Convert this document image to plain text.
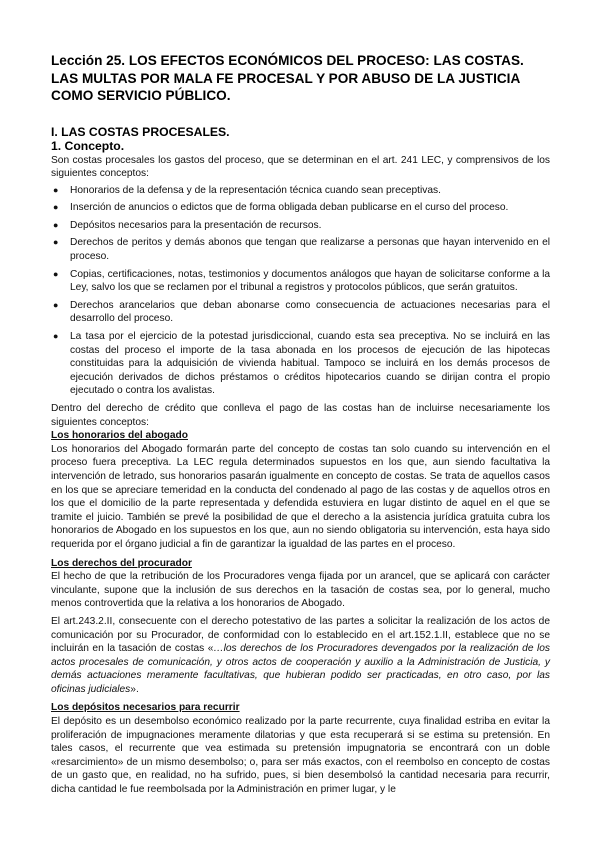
Lección 25. LOS EFECTOS ECONÓMICOS DEL PROCESO: LAS COSTAS. LAS MULTAS POR MALA FE PROCESAL Y POR ABUSO DE LA JUSTICIA COMO SERVICIO PÚBLICO.
I. LAS COSTAS PROCESALES.
1. Concepto.

Son costas procesales los gastos del proceso, que se determinan en el art. 241 LEC, y comprensivos de los siguientes conceptos:

● Honorarios de la defensa y de la representación técnica cuando sean preceptivas.
● Inserción de anuncios o edictos que de forma obligada deban publicarse en el curso del proceso.
● Depósitos necesarios para la presentación de recursos.
● Derechos de peritos y demás abonos que tengan que realizarse a personas que hayan intervenido en el proceso.
● Copias, certificaciones, notas, testimonios y documentos análogos que hayan de solicitarse conforme a la Ley, salvo los que se reclamen por el tribunal a registros y protocolos públicos, que serán gratuitos.
● Derechos arancelarios que deban abonarse como consecuencia de actuaciones necesarias para el desarrollo del proceso.
● La tasa por el ejercicio de la potestad jurisdiccional, cuando esta sea preceptiva. No se incluirá en las costas del proceso el importe de la tasa abonada en los procesos de ejecución de las hipotecas constituidas para la adquisición de vivienda habitual. Tampoco se incluirá en los demás procesos de ejecución derivados de dichos préstamos o créditos hipotecarios cuando se dirijan contra el propio ejecutado o contra los avalistas.

Dentro del derecho de crédito que conlleva el pago de las costas han de incluirse necesariamente los siguientes conceptos:

Los honorarios del abogado

Los honorarios del Abogado formarán parte del concepto de costas tan solo cuando su intervención en el proceso fuera preceptiva. La LEC regula determinados supuestos en los que, aun siendo facultativa la intervención de letrado, sus honorarios pasarán igualmente en concepto de costas. Se trata de aquellos casos en los que se apreciare temeridad en la conducta del condenado al pago de las costas y de aquellos otros en los que el domicilio de la parte representada y defendida estuviera en lugar distinto de aquel en el que se tramite el juicio. También se prevé la posibilidad de que el derecho a la asistencia jurídica gratuita cubra los honorarios de Abogado en los supuestos en los que, aun no siendo obligatoria su intervención, esta haya sido requerida por el órgano judicial a fin de garantizar la igualdad de las partes en el proceso.

Los derechos del procurador

El hecho de que la retribución de los Procuradores venga fijada por un arancel, que se aplicará con carácter vinculante, supone que la inclusión de sus derechos en la tasación de costas sea, por lo general, mucho menos controvertida que la relativa a los honorarios de Abogado.

El art.243.2.II, consecuente con el derecho potestativo de las partes a solicitar la realización de los actos de comunicación por su Procurador, de conformidad con lo establecido en el art.152.1.II, establece que no se incluirán en la tasación de costas «…los derechos de los Procuradores devengados por la realización de los actos procesales de comunicación, y otros actos de cooperación y auxilio a la Administración de Justicia, y demás actuaciones meramente facultativas, que hubieran podido ser practicadas, en otro caso, por las oficinas judiciales».

Los depósitos necesarios para recurrir

El depósito es un desembolso económico realizado por la parte recurrente, cuya finalidad estriba en evitar la proliferación de impugnaciones meramente dilatorias y que esta recuperará si se estima su pretensión. En tales casos, el recurrente que vea estimada su pretensión impugnatoria se encontrará con un doble «resarcimiento» de un mismo desembolso; o, para ser más exactos, con el reembolso en concepto de costas de un gasto que, en realidad, no ha sufrido, pues, si bien desembolsó la cantidad necesaria para recurrir, dicha cantidad le fue reembolsada por la Administración en primer lugar, y le
